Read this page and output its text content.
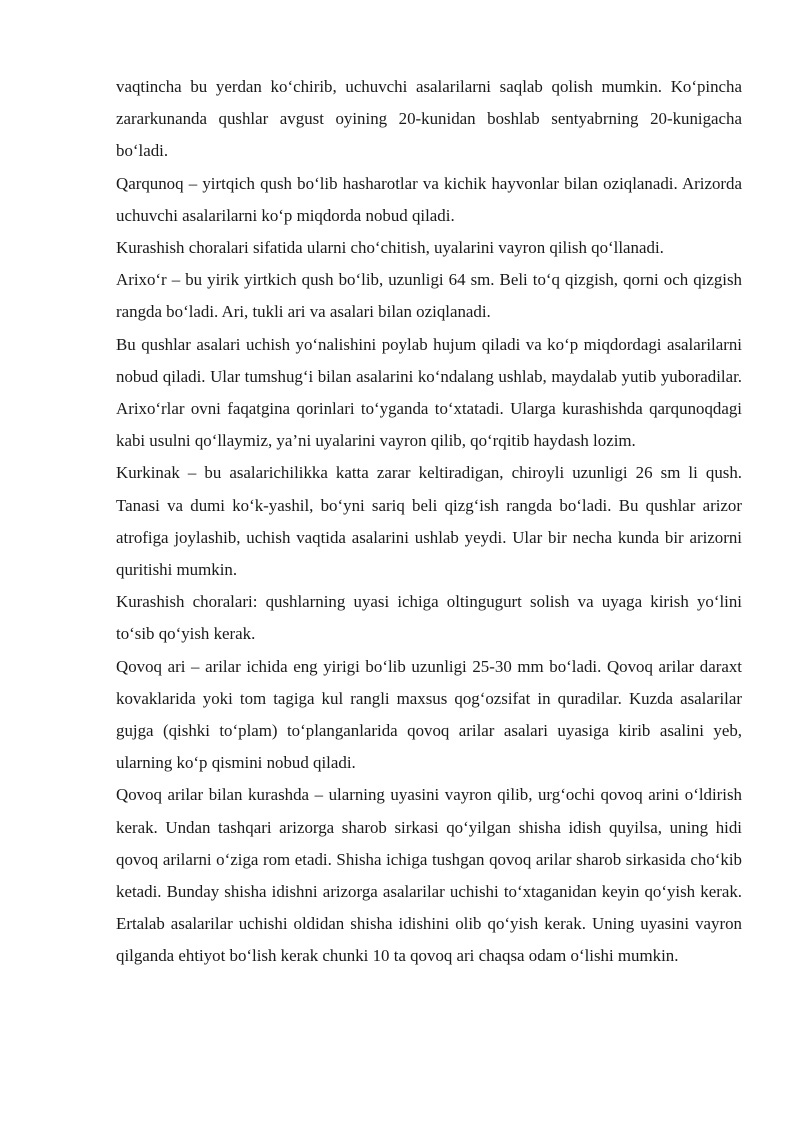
vaqtincha bu yerdan ko‘chirib, uchuvchi asalarilarni saqlab qolish mumkin. Ko‘pincha zararkunanda qushlar avgust oyining 20-kunidan boshlab sentyabrning 20-kunigacha bo‘ladi.

Qarqunoq – yirtqich qush bo‘lib hasharotlar va kichik hayvonlar bilan oziqlanadi. Arizorda uchuvchi asalarilarni ko‘p miqdorda nobud qiladi.

Kurashish choralari sifatida ularni cho‘chitish, uyalarini vayron qilish qo‘llanadi.

Arixo‘r – bu yirik yirtkich qush bo‘lib, uzunligi 64 sm. Beli to‘q qizgish, qorni och qizgish rangda bo‘ladi. Ari, tukli ari va asalari bilan oziqlanadi.

Bu qushlar asalari uchish yo‘nalishini poylab hujum qiladi va ko‘p miqdordagi asalarilarni nobud qiladi. Ular tumshug‘i bilan asalarini ko‘ndalang ushlab, maydalab yutib yuboradilar. Arixo‘rlar ovni faqatgina qorinlari to‘yganda to‘xtatadi. Ularga kurashishda qarqunoqdagi kabi usulni qo‘llaymiz, ya’ni uyalarini vayron qilib, qo‘rqitib haydash lozim.

Kurkinak – bu asalarichilikka katta zarar keltiradigan, chiroyli uzunligi 26 sm li qush. Tanasi va dumi ko‘k-yashil, bo‘yni sariq beli qizg‘ish rangda bo‘ladi. Bu qushlar arizor atrofiga joylashib, uchish vaqtida asalarini ushlab yeydi. Ular bir necha kunda bir arizorni quritishi mumkin.

Kurashish choralari: qushlarning uyasi ichiga oltingugurt solish va uyaga kirish yo‘lini to‘sib qo‘yish kerak.

Qovoq ari – arilar ichida eng yirigi bo‘lib uzunligi 25-30 mm bo‘ladi. Qovoq arilar daraxt kovaklarida yoki tom tagiga kul rangli maxsus qog‘ozsifat in quradilar. Kuzda asalarilar gujga (qishki to‘plam) to‘planganlarida qovoq arilar asalari uyasiga kirib asalini yeb, ularning ko‘p qismini nobud qiladi.

Qovoq arilar bilan kurashda – ularning uyasini vayron qilib, urg‘ochi qovoq arini o‘ldirish kerak. Undan tashqari arizorga sharob sirkasi qo‘yilgan shisha idish quyilsa, uning hidi qovoq arilarni o‘ziga rom etadi. Shisha ichiga tushgan qovoq arilar sharob sirkasida cho‘kib ketadi. Bunday shisha idishni arizorga asalarilar uchishi to‘xtaganidan keyin qo‘yish kerak. Ertalab asalarilar uchishi oldidan shisha idishini olib qo‘yish kerak. Uning uyasini vayron qilganda ehtiyot bo‘lish kerak chunki 10 ta qovoq ari chaqsa odam o‘lishi mumkin.
